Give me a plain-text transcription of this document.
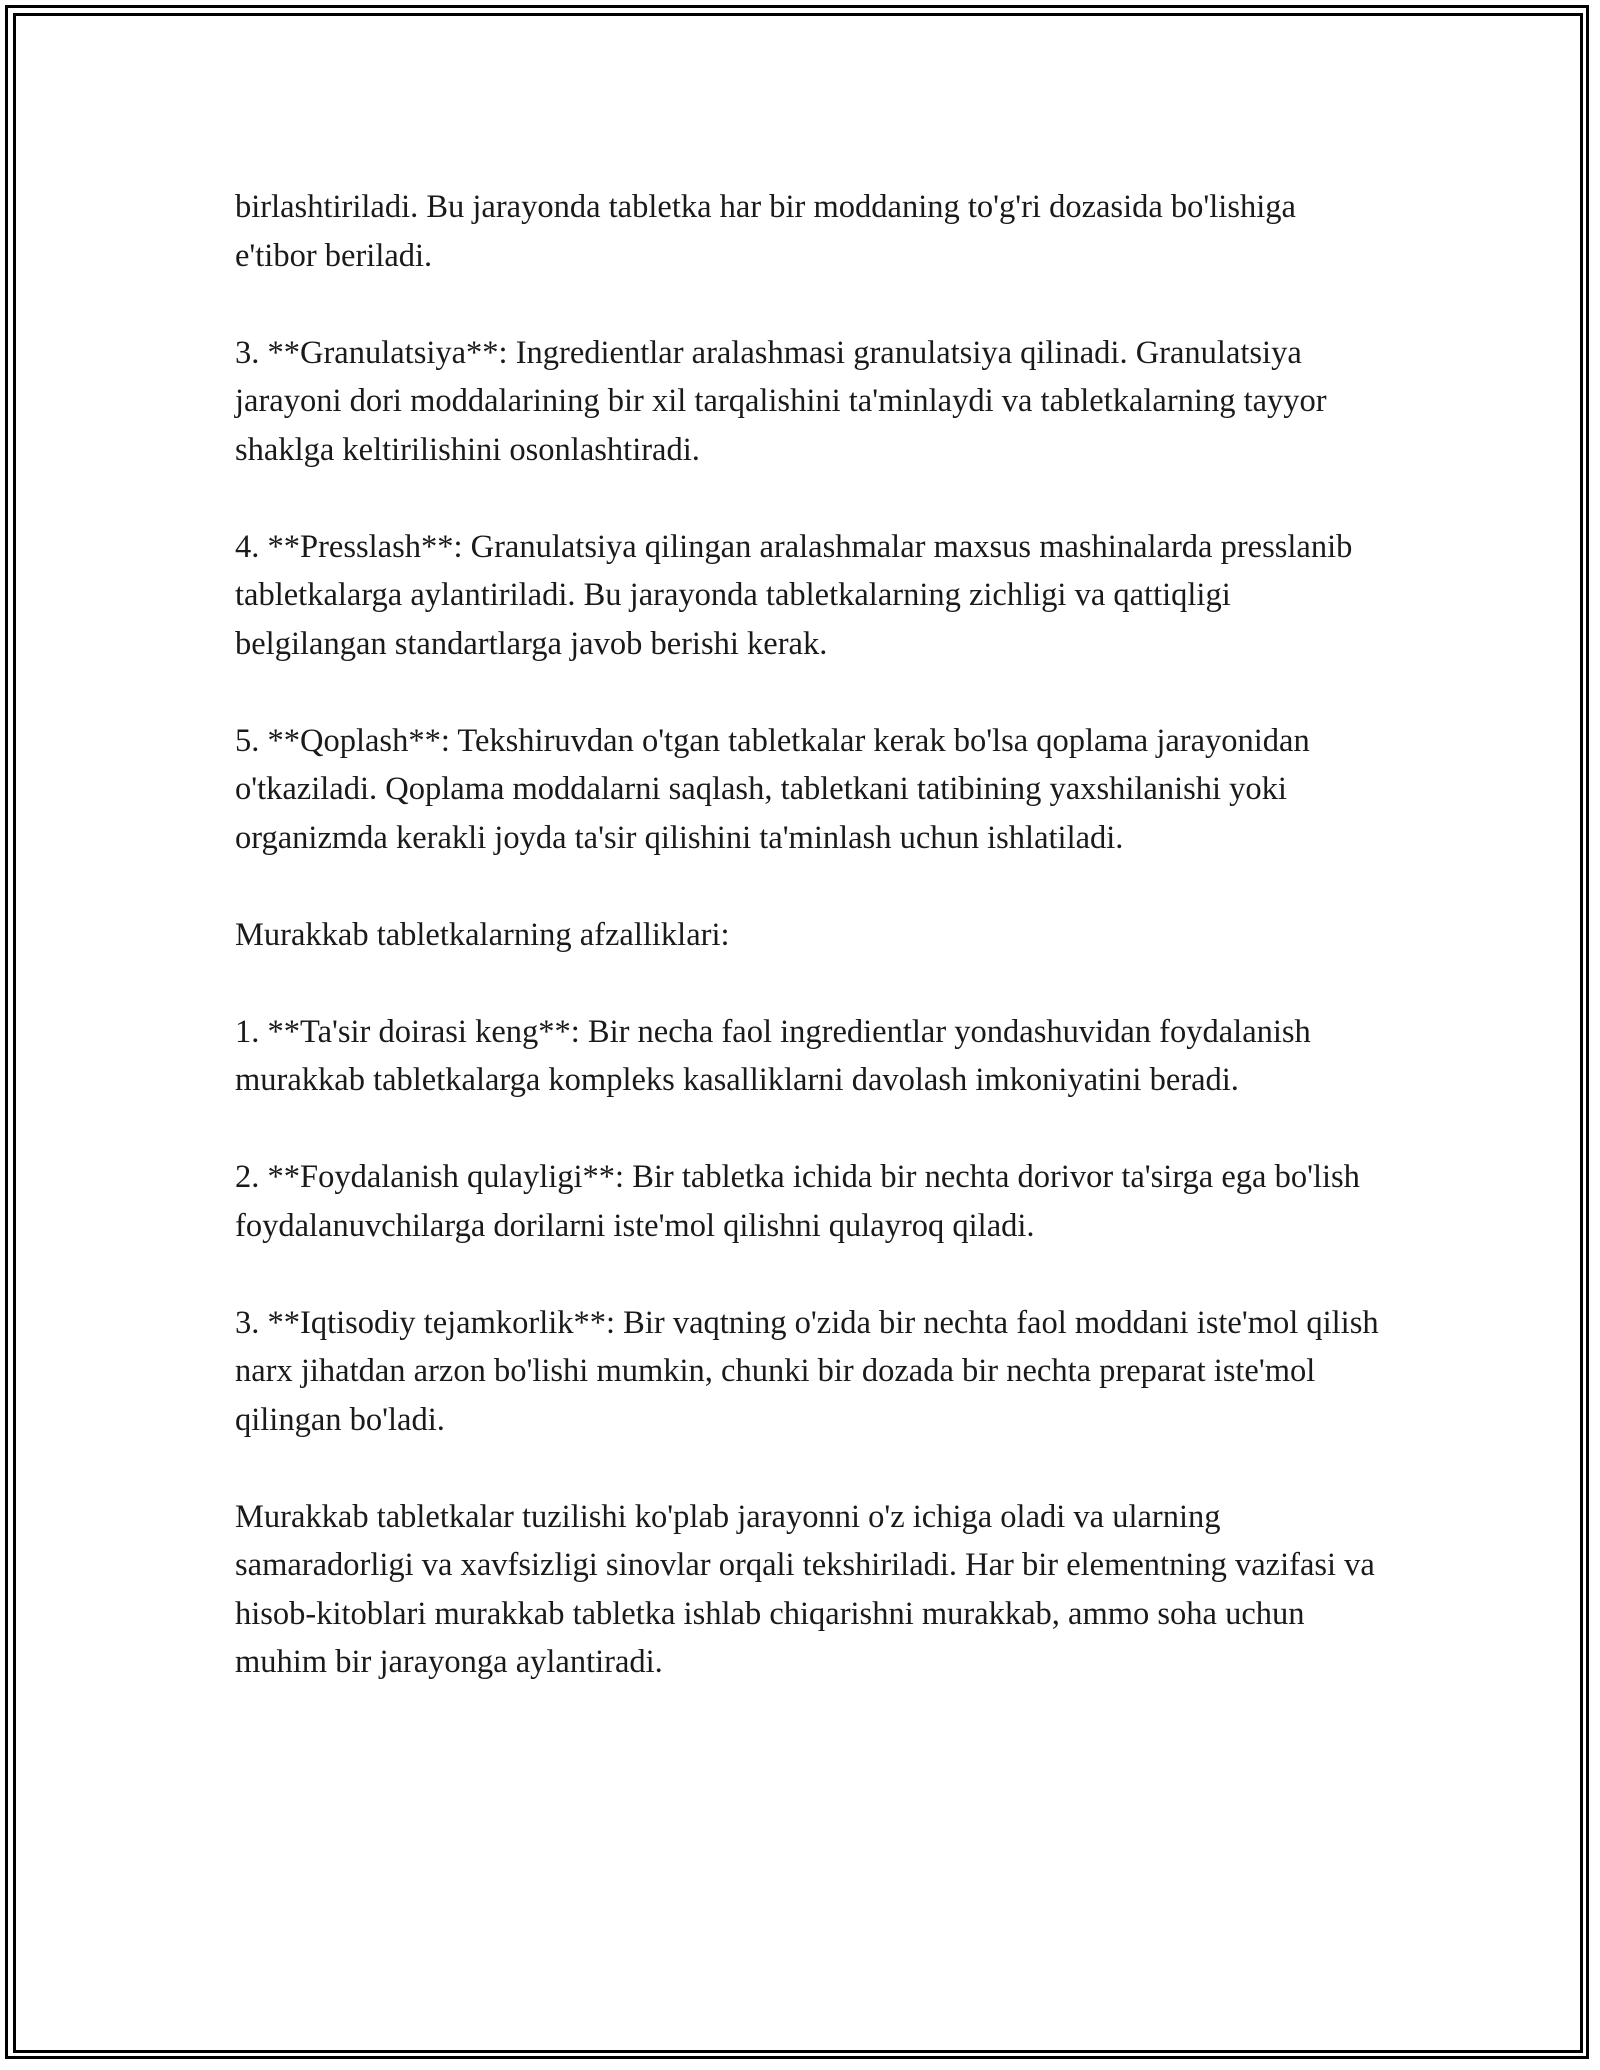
birlashtiriladi. Bu jarayonda tabletka har bir moddaning to'g'ri dozasida bo'lishiga e'tibor beriladi.

3. **Granulatsiya**: Ingredientlar aralashmasi granulatsiya qilinadi. Granulatsiya jarayoni dori moddalarining bir xil tarqalishini ta'minlaydi va tabletkalarning tayyor shaklga keltirilishini osonlashtiradi.

4. **Presslash**: Granulatsiya qilingan aralashmalar maxsus mashinalarda presslanib tabletkalarga aylantiriladi. Bu jarayonda tabletkalarning zichligi va qattiqligi belgilangan standartlarga javob berishi kerak.

5. **Qoplash**: Tekshiruvdan o'tgan tabletkalar kerak bo'lsa qoplama jarayonidan o'tkaziladi. Qoplama moddalarni saqlash, tabletkani tatibining yaxshilanishi yoki organizmda kerakli joyda ta'sir qilishini ta'minlash uchun ishlatiladi.

Murakkab tabletkalarning afzalliklari:

1. **Ta'sir doirasi keng**: Bir necha faol ingredientlar yondashuvidan foydalanish murakkab tabletkalarga kompleks kasalliklarni davolash imkoniyatini beradi.

2. **Foydalanish qulayligi**: Bir tabletka ichida bir nechta dorivor ta'sirga ega bo'lish foydalanuvchilarga dorilarni iste'mol qilishni qulayroq qiladi.

3. **Iqtisodiy tejamkorlik**: Bir vaqtning o'zida bir nechta faol moddani iste'mol qilish narx jihatdan arzon bo'lishi mumkin, chunki bir dozada bir nechta preparat iste'mol qilingan bo'ladi.

Murakkab tabletkalar tuzilishi ko'plab jarayonni o'z ichiga oladi va ularning samaradorligi va xavfsizligi sinovlar orqali tekshiriladi. Har bir elementning vazifasi va hisob-kitoblari murakkab tabletka ishlab chiqarishni murakkab, ammo soha uchun muhim bir jarayonga aylantiradi.
